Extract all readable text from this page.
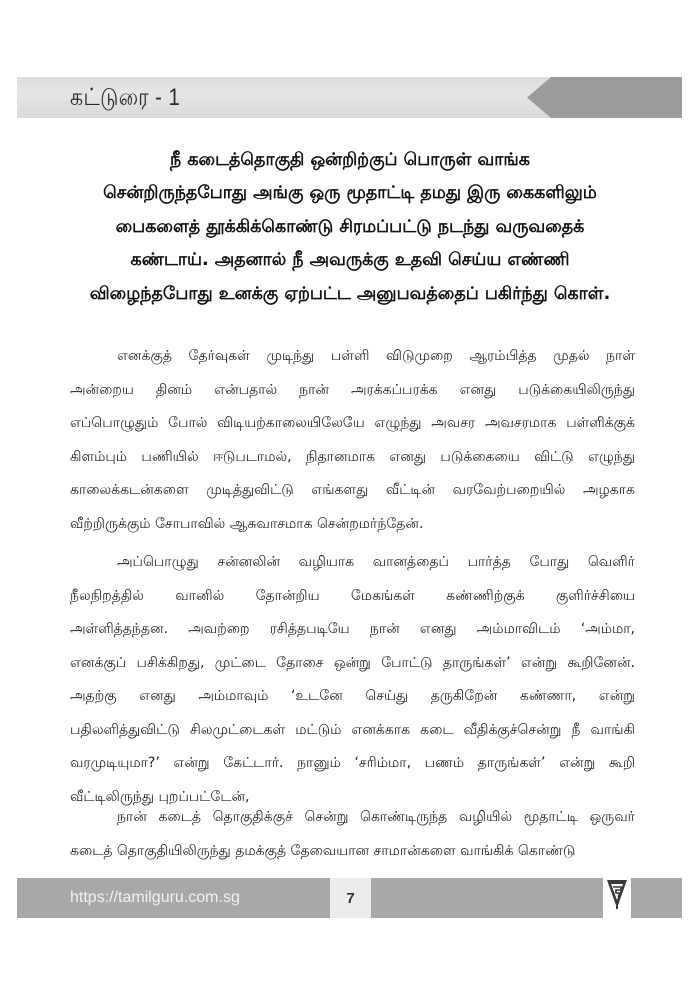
கட்டுரை - 1
நீ கடைத்தொகுதி ஒன்றிற்குப் பொருள் வாங்க
சென்றிருந்தபோது அங்கு ஒரு மூதாட்டி தமது இரு கைகளிலும்
பைகளைத் தூக்கிக்கொண்டு சிரமப்பட்டு நடந்து வருவதைக்
கண்டாய். அதனால் நீ அவருக்கு உதவி செய்ய எண்ணி
விழைந்தபோது உனக்கு ஏற்பட்ட அனுபவத்தைப் பகிர்ந்து கொள்.
எனக்குத் தேர்வுகள் முடிந்து பள்ளி விடுமுறை ஆரம்பித்த முதல் நாள்
அன்றைய தினம் என்பதால் நான் அரக்கப்பரக்க எனது படுக்கையிலிருந்து
எப்பொழுதும் போல் விடியற்காலையிலேயே எழுந்து அவசர அவசரமாக பள்ளிக்குக்
கிளம்பும் பணியில் ஈடுபடாமல், நிதானமாக எனது படுக்கையை விட்டு எழுந்து
காலைக்கடன்களை முடித்துவிட்டு எங்களது வீட்டின் வரவேற்பறையில் அழகாக
வீற்றிருக்கும் சோபாவில் ஆசுவாசமாக சென்றமர்ந்தேன்.
அப்பொழுது சன்னலின் வழியாக வானத்தைப் பார்த்த போது வெளிர்
நீலநிறத்தில் வானில் தோன்றிய மேகங்கள் கண்ணிற்குக் குளிர்ச்சியை
அள்ளித்தந்தன. அவற்றை ரசித்தபடியே நான் எனது அம்மாவிடம் ‘அம்மா,
எனக்குப் பசிக்கிறது, முட்டை தோசை ஒன்று போட்டு தாருங்கள்’ என்று கூறினேன்.
அதற்கு எனது அம்மாவும் ‘உடனே செய்து தருகிறேன் கண்ணா, என்று
பதிலளித்துவிட்டு சிலமுட்டைகள் மட்டும் எனக்காக கடை வீதிக்குச்சென்று நீ வாங்கி
வரமுடியுமா?’ என்று கேட்டார். நானும் ‘சரிம்மா, பணம் தாருங்கள்’ என்று கூறி
வீட்டிலிருந்து புறப்பட்டேன்,
நான் கடைத் தொகுதிக்குச் சென்று கொண்டிருந்த வழியில் மூதாட்டி ஒருவர்
கடைத் தொகுதியிலிருந்து தமக்குத் தேவையான சாமான்களை வாங்கிக் கொண்டு
https://tamilguru.com.sg	7
